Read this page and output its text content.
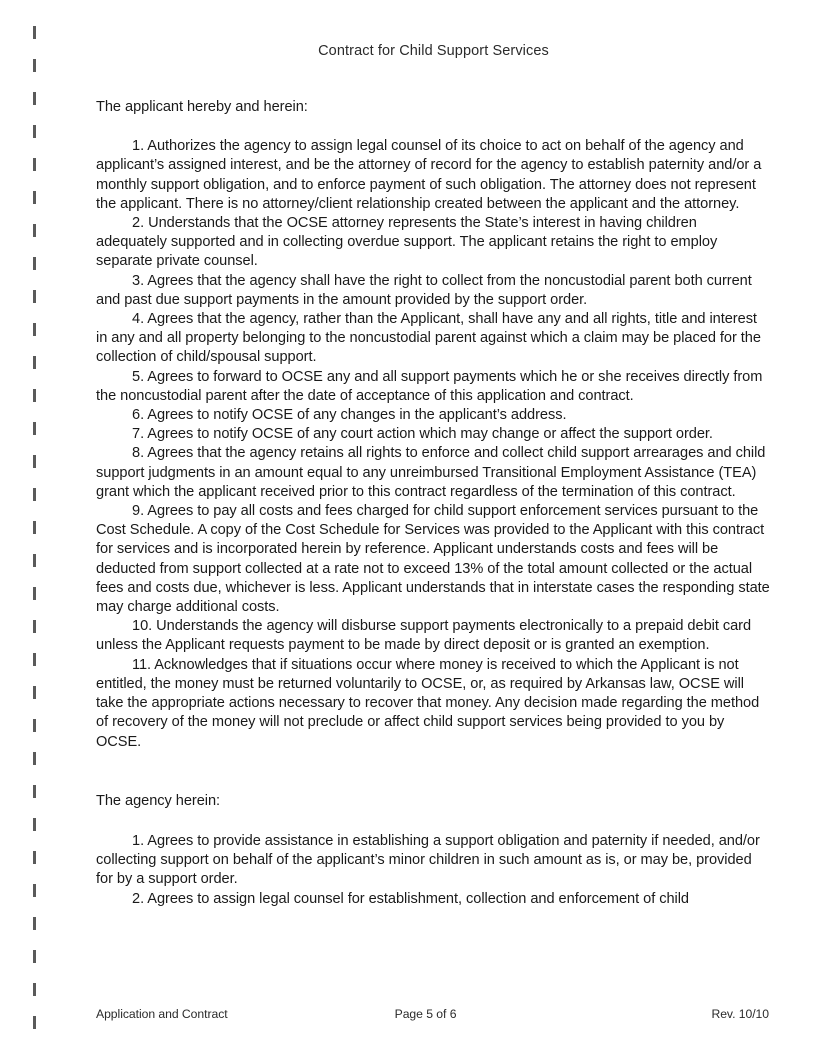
Contract for Child Support Services

The applicant hereby and herein:

1. Authorizes the agency to assign legal counsel of its choice to act on behalf of the agency and applicant’s assigned interest, and be the attorney of record for the agency to establish paternity and/or a monthly support obligation, and to enforce payment of such obligation. The attorney does not represent the applicant. There is no attorney/client relationship created between the applicant and the attorney.

2. Understands that the OCSE attorney represents the State’s interest in having children adequately supported and in collecting overdue support. The applicant retains the right to employ separate private counsel.

3. Agrees that the agency shall have the right to collect from the noncustodial parent both current and past due support payments in the amount provided by the support order.

4. Agrees that the agency, rather than the Applicant, shall have any and all rights, title and interest in any and all property belonging to the noncustodial parent against which a claim may be placed for the collection of child/spousal support.

5. Agrees to forward to OCSE any and all support payments which he or she receives directly from the noncustodial parent after the date of acceptance of this application and contract.

6. Agrees to notify OCSE of any changes in the applicant’s address.

7. Agrees to notify OCSE of any court action which may change or affect the support order.

8. Agrees that the agency retains all rights to enforce and collect child support arrearages and child support judgments in an amount equal to any unreimbursed Transitional Employment Assistance (TEA) grant which the applicant received prior to this contract regardless of the termination of this contract.

9. Agrees to pay all costs and fees charged for child support enforcement services pursuant to the Cost Schedule. A copy of the Cost Schedule for Services was provided to the Applicant with this contract for services and is incorporated herein by reference. Applicant understands costs and fees will be deducted from support collected at a rate not to exceed 13% of the total amount collected or the actual fees and costs due, whichever is less. Applicant understands that in interstate cases the responding state may charge additional costs.

10. Understands the agency will disburse support payments electronically to a prepaid debit card unless the Applicant requests payment to be made by direct deposit or is granted an exemption.

11. Acknowledges that if situations occur where money is received to which the Applicant is not entitled, the money must be returned voluntarily to OCSE, or, as required by Arkansas law, OCSE will take the appropriate actions necessary to recover that money. Any decision made regarding the method of recovery of the money will not preclude or affect child support services being provided to you by OCSE.

The agency herein:

1. Agrees to provide assistance in establishing a support obligation and paternity if needed, and/or collecting support on behalf of the applicant’s minor children in such amount as is, or may be, provided for by a support order.

2. Agrees to assign legal counsel for establishment, collection and enforcement of child

Application and Contract	Page 5 of 6	Rev. 10/10
